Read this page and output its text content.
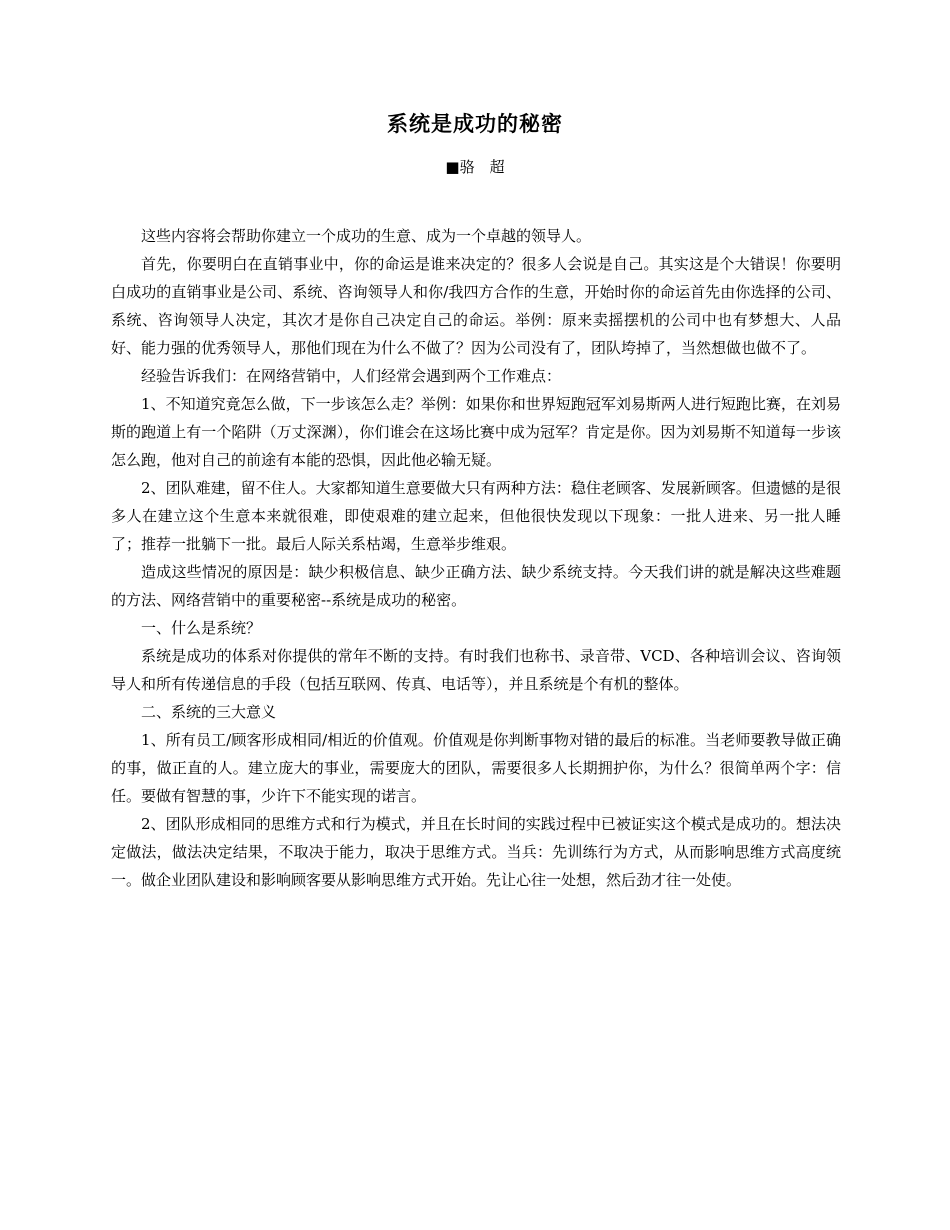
系统是成功的秘密
■骆　超

这些内容将会帮助你建立一个成功的生意、成为一个卓越的领导人。

首先，你要明白在直销事业中，你的命运是谁来决定的？很多人会说是自己。其实这是个大错误！你要明白成功的直销事业是公司、系统、咨询领导人和你/我四方合作的生意，开始时你的命运首先由你选择的公司、系统、咨询领导人决定，其次才是你自己决定自己的命运。举例：原来卖摇摆机的公司中也有梦想大、人品好、能力强的优秀领导人，那他们现在为什么不做了？因为公司没有了，团队垮掉了，当然想做也做不了。

经验告诉我们：在网络营销中，人们经常会遇到两个工作难点：

1、不知道究竟怎么做，下一步该怎么走？举例：如果你和世界短跑冠军刘易斯两人进行短跑比赛，在刘易斯的跑道上有一个陷阱（万丈深渊），你们谁会在这场比赛中成为冠军？肯定是你。因为刘易斯不知道每一步该怎么跑，他对自己的前途有本能的恐惧，因此他必输无疑。

2、团队难建，留不住人。大家都知道生意要做大只有两种方法：稳住老顾客、发展新顾客。但遗憾的是很多人在建立这个生意本来就很难，即使艰难的建立起来，但他很快发现以下现象：一批人进来、另一批人睡了；推荐一批躺下一批。最后人际关系枯竭，生意举步维艰。

造成这些情况的原因是：缺少积极信息、缺少正确方法、缺少系统支持。今天我们讲的就是解决这些难题的方法、网络营销中的重要秘密--系统是成功的秘密。

一、什么是系统？

系统是成功的体系对你提供的常年不断的支持。有时我们也称书、录音带、VCD、各种培训会议、咨询领导人和所有传递信息的手段（包括互联网、传真、电话等），并且系统是个有机的整体。

二、系统的三大意义

1、所有员工/顾客形成相同/相近的价值观。价值观是你判断事物对错的最后的标准。当老师要教导做正确的事，做正直的人。建立庞大的事业，需要庞大的团队，需要很多人长期拥护你，为什么？很简单两个字：信任。要做有智慧的事，少许下不能实现的诺言。

2、团队形成相同的思维方式和行为模式，并且在长时间的实践过程中已被证实这个模式是成功的。想法决定做法，做法决定结果，不取决于能力，取决于思维方式。当兵：先训练行为方式，从而影响思维方式高度统一。做企业团队建设和影响顾客要从影响思维方式开始。先让心往一处想，然后劲才往一处使。
